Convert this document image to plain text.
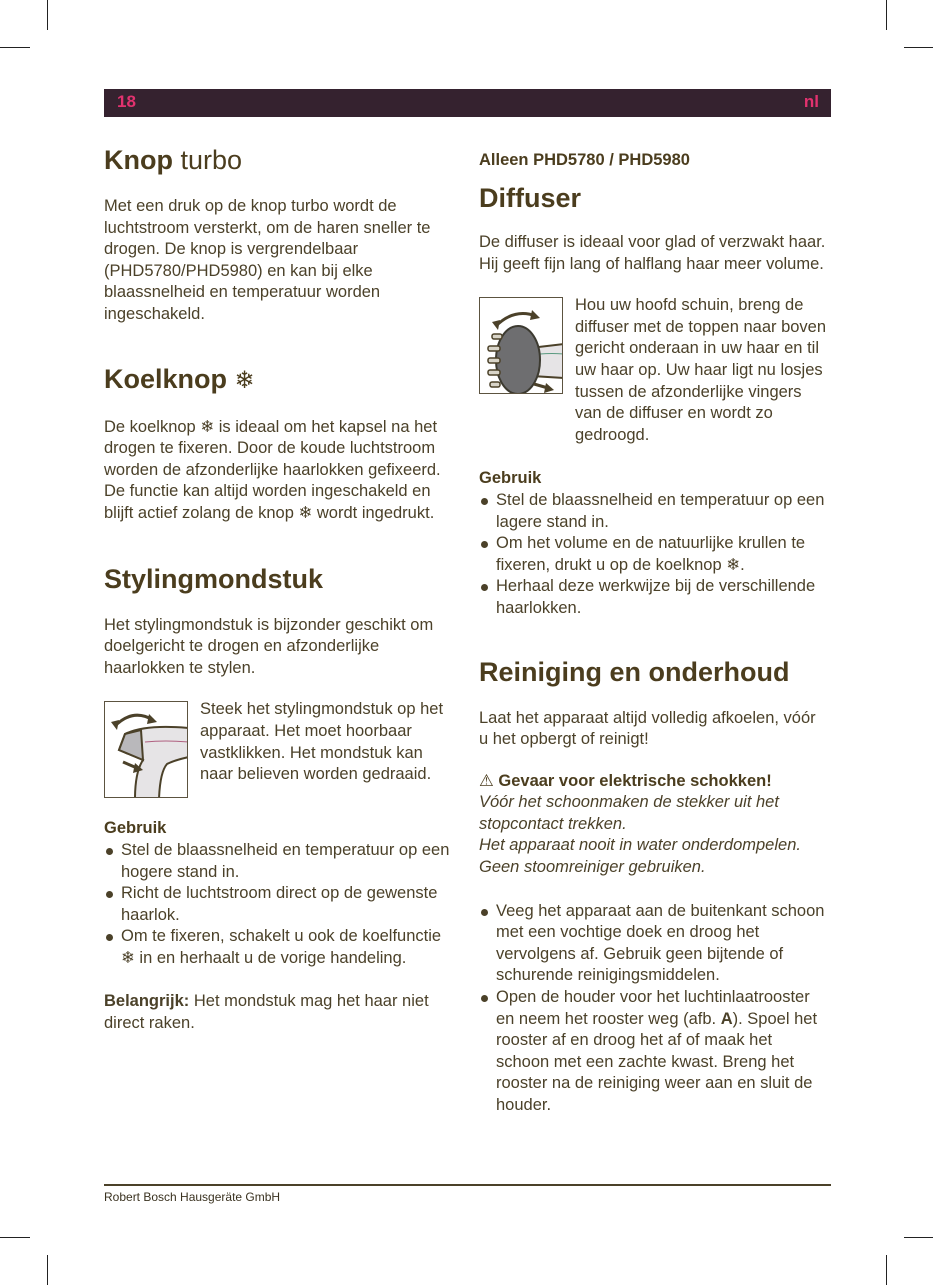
18	nl
Knop turbo

Met een druk op de knop turbo wordt de luchtstroom versterkt, om de haren sneller te drogen. De knop is vergrendelbaar (PHD5780/PHD5980) en kan bij elke blaassnelheid en temperatuur worden ingeschakeld.

Koelknop ❄

De koelknop ❄ is ideaal om het kapsel na het drogen te fixeren. Door de koude luchtstroom worden de afzonderlijke haarlokken gefixeerd.

De functie kan altijd worden ingeschakeld en blijft actief zolang de knop ❄ wordt ingedrukt.

Stylingmondstuk

Het stylingmondstuk is bijzonder geschikt om doelgericht te drogen en afzonderlijke haarlokken te stylen.

Steek het stylingmondstuk op het apparaat. Het moet hoorbaar vastklikken. Het mondstuk kan naar believen worden gedraaid.

Gebruik

Stel de blaassnelheid en temperatuur op een hogere stand in.
Richt de luchtstroom direct op de gewenste haarlok.
Om te fixeren, schakelt u ook de koelfunctie ❄ in en herhaalt u de vorige handeling.

Belangrijk: Het mondstuk mag het haar niet direct raken.

Alleen PHD5780 / PHD5980

Diffuser

De diffuser is ideaal voor glad of verzwakt haar. Hij geeft fijn lang of halflang haar meer volume.

Hou uw hoofd schuin, breng de diffuser met de toppen naar boven gericht onderaan in uw haar en til uw haar op. Uw haar ligt nu losjes tussen de afzonderlijke vingers van de diffuser en wordt zo gedroogd.

Gebruik

Stel de blaassnelheid en temperatuur op een lagere stand in.
Om het volume en de natuurlijke krullen te fixeren, drukt u op de koelknop ❄.
Herhaal deze werkwijze bij de verschillende haarlokken.
Reiniging en onderhoud

Laat het apparaat altijd volledig afkoelen, vóór u het opbergt of reinigt!

⚠ Gevaar voor elektrische schokken!

Vóór het schoonmaken de stekker uit het stopcontact trekken.

Het apparaat nooit in water onderdompelen.

Geen stoomreiniger gebruiken.

Veeg het apparaat aan de buitenkant schoon met een vochtige doek en droog het vervolgens af. Gebruik geen bijtende of schurende reinigingsmiddelen.
Open de houder voor het luchtinlaatrooster en neem het rooster weg (afb. A). Spoel het rooster af en droog het af of maak het schoon met een zachte kwast. Breng het rooster na de reiniging weer aan en sluit de houder.
Robert Bosch Hausgeräte GmbH
